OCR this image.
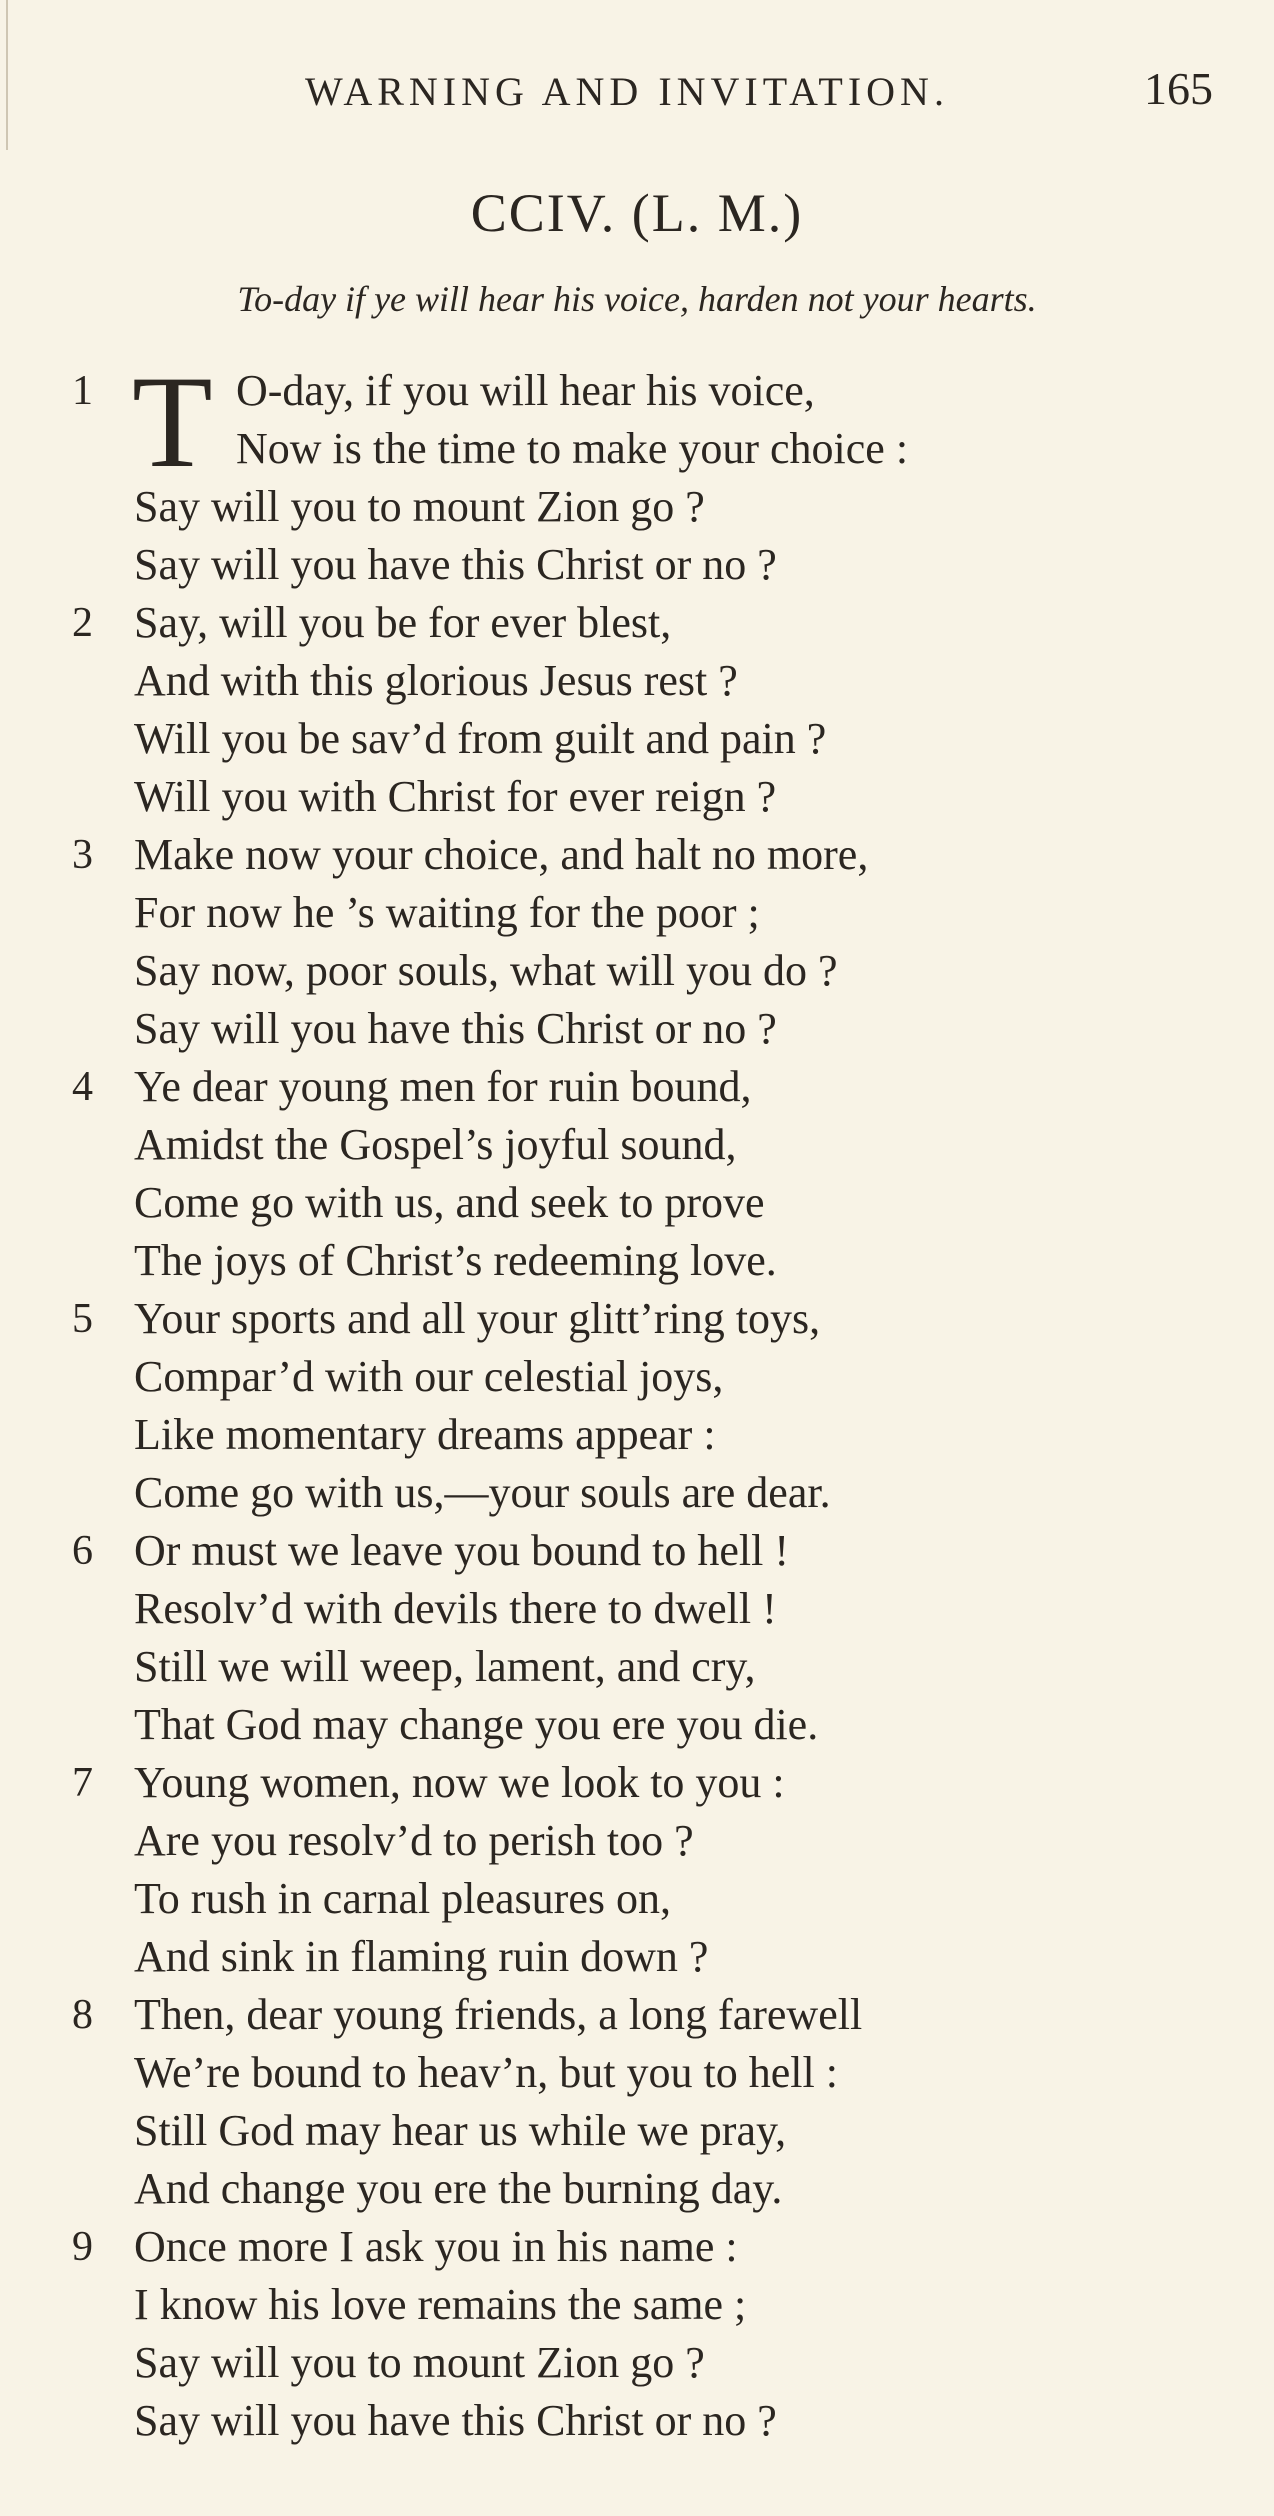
WARNING AND INVITATION.	165
CCIV. (L. M.)
To-day if ye will hear his voice, harden not your hearts.
1 T O-day, if you will hear his voice,
Now is the time to make your choice :
Say will you to mount Zion go ?
Say will you have this Christ or no ?
2 Say, will you be for ever blest,
And with this glorious Jesus rest ?
Will you be sav’d from guilt and pain ?
Will you with Christ for ever reign ?
3 Make now your choice, and halt no more,
For now he ’s waiting for the poor ;
Say now, poor souls, what will you do ?
Say will you have this Christ or no ?
4 Ye dear young men for ruin bound,
Amidst the Gospel’s joyful sound,
Come go with us, and seek to prove
The joys of Christ’s redeeming love.
5 Your sports and all your glitt’ring toys,
Compar’d with our celestial joys,
Like momentary dreams appear :
Come go with us,—your souls are dear.
6 Or must we leave you bound to hell !
Resolv’d with devils there to dwell !
Still we will weep, lament, and cry,
That God may change you ere you die.
7 Young women, now we look to you :
Are you resolv’d to perish too ?
To rush in carnal pleasures on,
And sink in flaming ruin down ?
8 Then, dear young friends, a long farewell
We’re bound to heav’n, but you to hell :
Still God may hear us while we pray,
And change you ere the burning day.
9 Once more I ask you in his name :
I know his love remains the same ;
Say will you to mount Zion go ?
Say will you have this Christ or no ?
